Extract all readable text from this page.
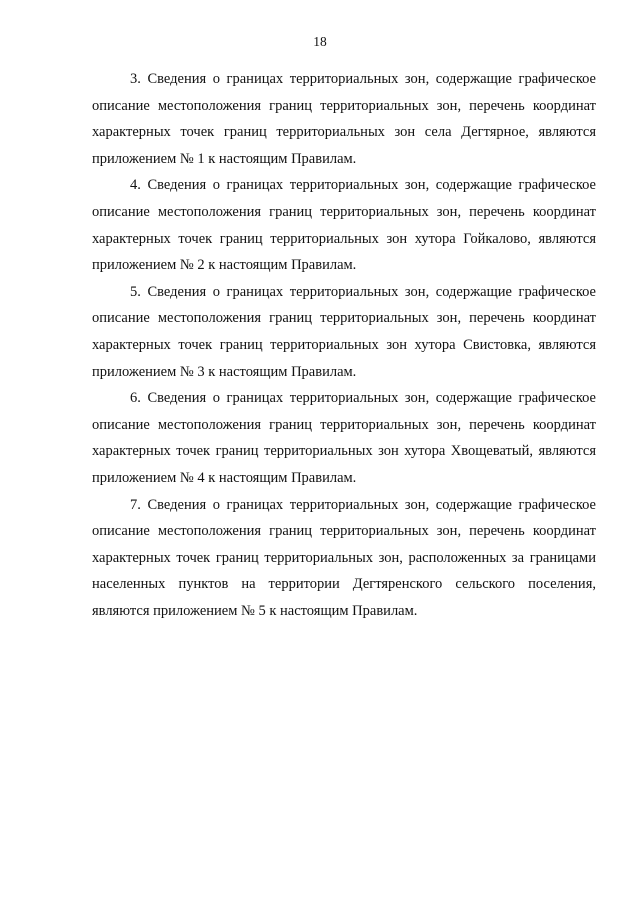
18

3. Сведения о границах территориальных зон, содержащие графическое описание местоположения границ территориальных зон, перечень координат характерных точек границ территориальных зон села Дегтярное, являются приложением № 1 к настоящим Правилам.

4. Сведения о границах территориальных зон, содержащие графическое описание местоположения границ территориальных зон, перечень координат характерных точек границ территориальных зон хутора Гойкалово, являются приложением № 2 к настоящим Правилам.

5. Сведения о границах территориальных зон, содержащие графическое описание местоположения границ территориальных зон, перечень координат характерных точек границ территориальных зон хутора Свистовка, являются приложением № 3 к настоящим Правилам.

6. Сведения о границах территориальных зон, содержащие графическое описание местоположения границ территориальных зон, перечень координат характерных точек границ территориальных зон хутора Хвощеватый, являются приложением № 4 к настоящим Правилам.

7. Сведения о границах территориальных зон, содержащие графическое описание местоположения границ территориальных зон, перечень координат характерных точек границ территориальных зон, расположенных за границами населенных пунктов на территории Дегтяренского сельского поселения, являются приложением № 5 к настоящим Правилам.
